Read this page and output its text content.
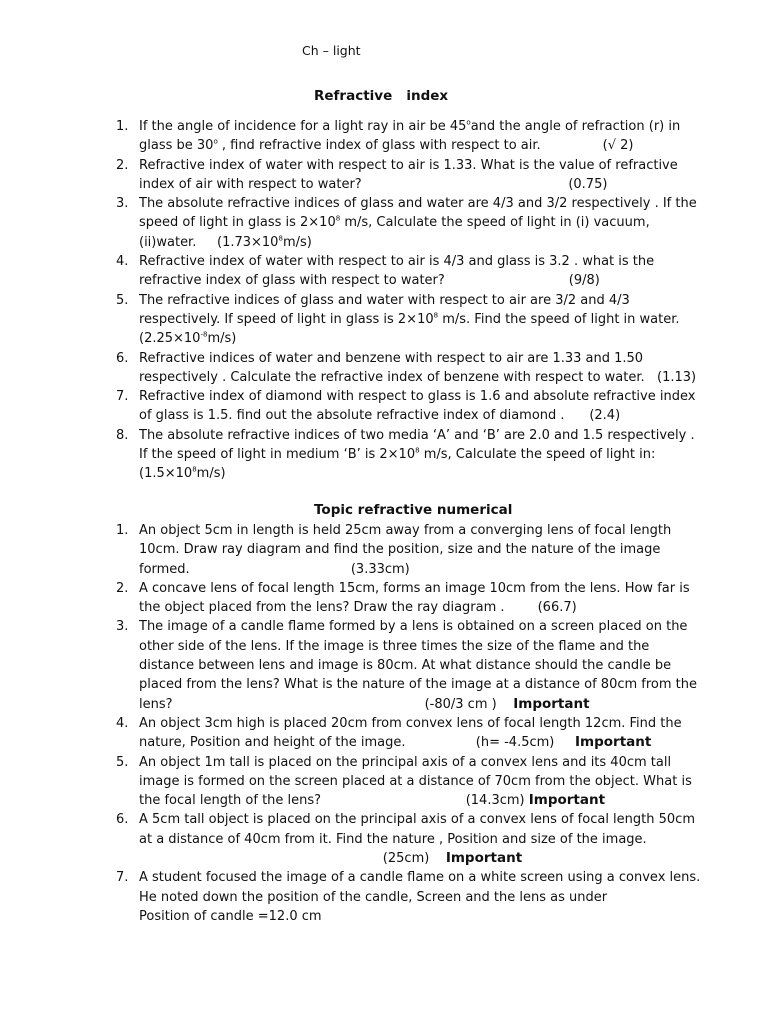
Ch – light
Refractive   index
1. If the angle of incidence for a light ray in air be 45$^o$and the angle of refraction (r) in
glass be 30$^o$ , find refractive index of glass with respect to air.               (√ 2)
2. Refractive index of water with respect to air is 1.33. What is the value of refractive
index of air with respect to water?                                                  (0.75)
3. The absolute refractive indices of glass and water are 4/3 and 3/2 respectively . If the
speed of light in glass is $2\times 10^8$ m/s, Calculate the speed of light in (i) vacuum,
(ii)water.     $(1.73\times 10^8m/s)$
4. Refractive index of water with respect to air is 4/3 and glass is 3.2 . what is the
refractive index of glass with respect to water?                              (9/8)
5. The refractive indices of glass and water with respect to air are 3/2 and 4/3
respectively. If speed of light in glass is $2\times 10^8$ m/s. Find the speed of light in water.
$(2.25\times 10^{-8}m/s)$
6. Refractive indices of water and benzene with respect to air are 1.33 and 1.50
respectively . Calculate the refractive index of benzene with respect to water.   (1.13)
7. Refractive index of diamond with respect to glass is 1.6 and absolute refractive index
of glass is 1.5. find out the absolute refractive index of diamond .      (2.4)
8. The absolute refractive indices of two media ‘A’ and ‘B’ are 2.0 and 1.5 respectively .
If the speed of light in medium ‘B’ is $2\times 10^8$ m/s, Calculate the speed of light in:
$(1.5\times 10^8m/s)$
Topic refractive numerical
1. An object 5cm in length is held 25cm away from a converging lens of focal length
10cm. Draw ray diagram and find the position, size and the nature of the image
formed.                                       (3.33cm)
2. A concave lens of focal length 15cm, forms an image 10cm from the lens. How far is
the object placed from the lens? Draw the ray diagram .        (66.7)
3. The image of a candle flame formed by a lens is obtained on a screen placed on the
other side of the lens. If the image is three times the size of the flame and the
distance between lens and image is 80cm. At what distance should the candle be
placed from the lens? What is the nature of the image at a distance of 80cm from the
lens?                                                             (-80/3 cm )    Important
4. An object 3cm high is placed 20cm from convex lens of focal length 12cm. Find the
nature, Position and height of the image.                 (h= -4.5cm)     Important
5. An object 1m tall is placed on the principal axis of a convex lens and its 40cm tall
image is formed on the screen placed at a distance of 70cm from the object. What is
the focal length of the lens?                                   (14.3cm) Important
6. A 5cm tall object is placed on the principal axis of a convex lens of focal length 50cm
at a distance of 40cm from it. Find the nature , Position and size of the image.
(25cm)    Important
7. A student focused the image of a candle flame on a white screen using a convex lens.
He noted down the position of the candle, Screen and the lens as under
Position of candle =12.0 cm
